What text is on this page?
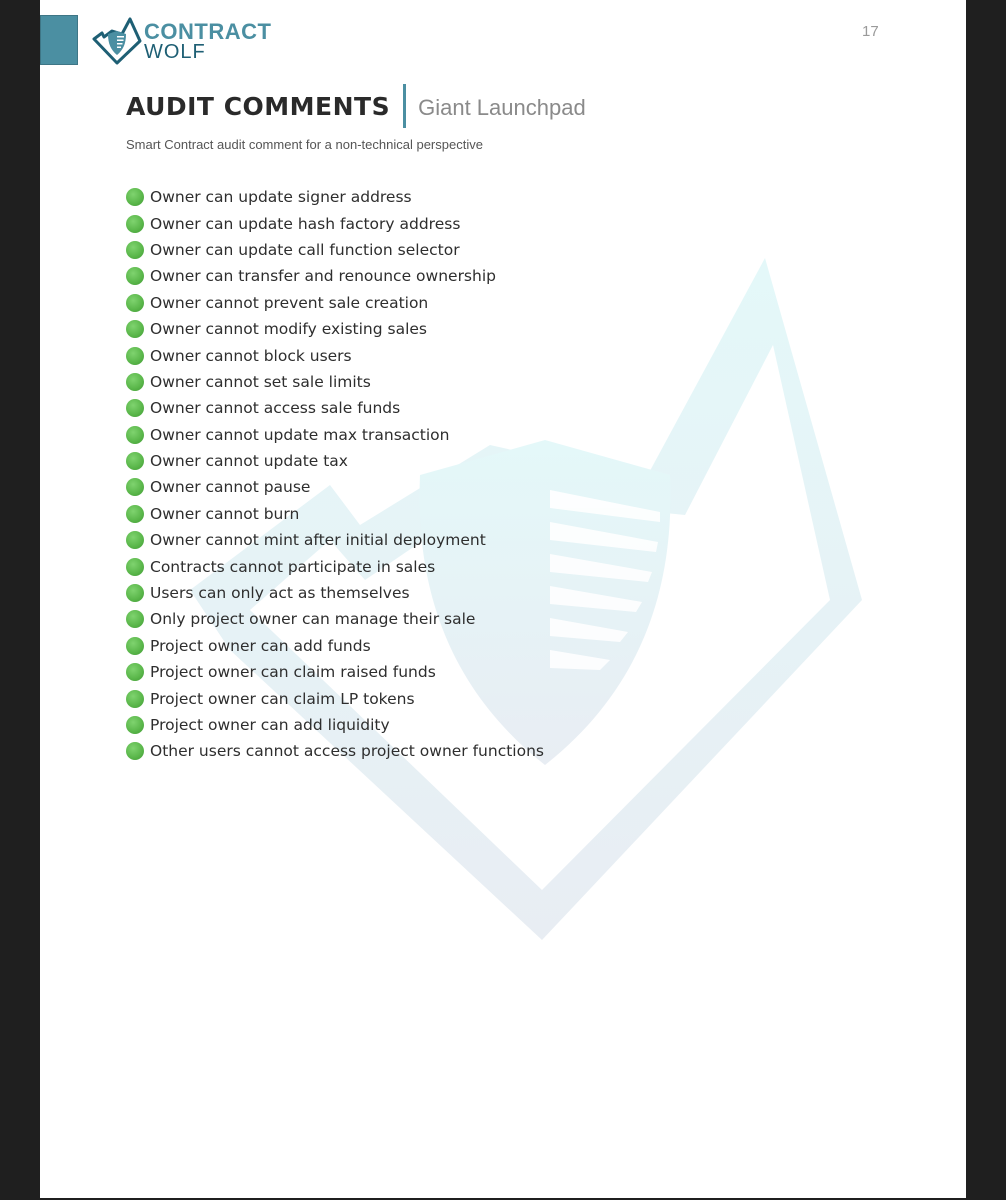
CONTRACT
WOLF
17
AUDIT COMMENTS Giant Launchpad
Smart Contract audit comment for a non-technical perspective
Owner can update signer address
Owner can update hash factory address
Owner can update call function selector
Owner can transfer and renounce ownership
Owner cannot prevent sale creation
Owner cannot modify existing sales
Owner cannot block users
Owner cannot set sale limits
Owner cannot access sale funds
Owner cannot update max transaction
Owner cannot update tax
Owner cannot pause
Owner cannot burn
Owner cannot mint after initial deployment
Contracts cannot participate in sales
Users can only act as themselves
Only project owner can manage their sale
Project owner can add funds
Project owner can claim raised funds
Project owner can claim LP tokens
Project owner can add liquidity
Other users cannot access project owner functions
